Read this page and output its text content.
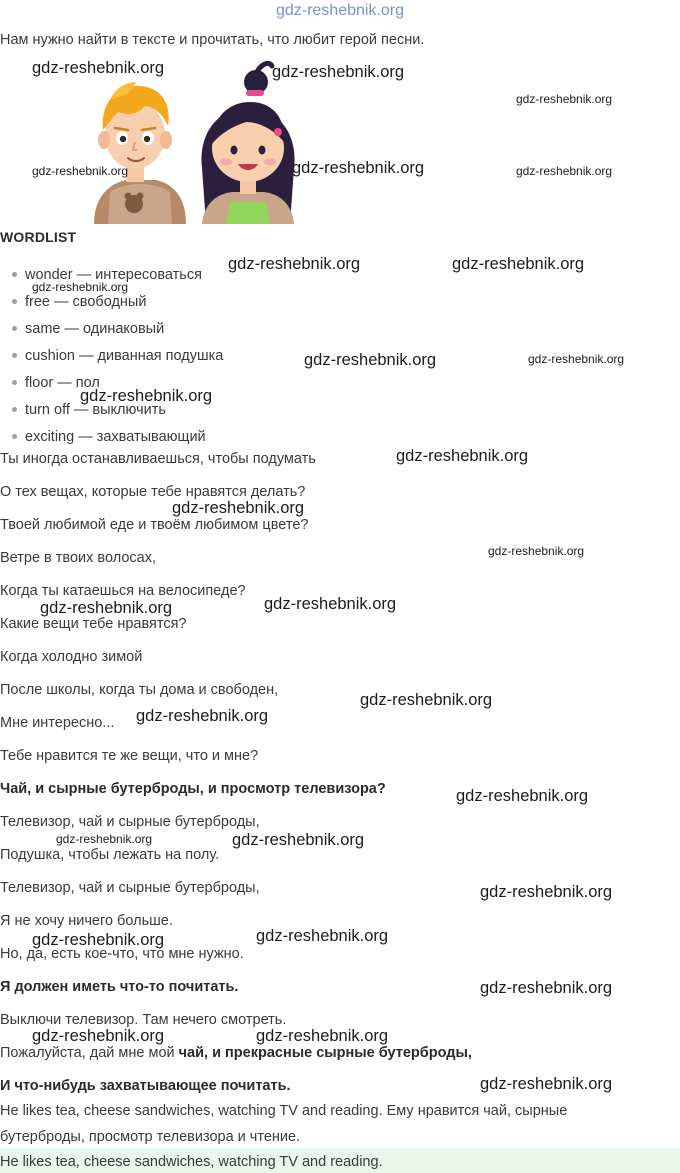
gdz-reshebnik.org
Нам нужно найти в тексте и прочитать, что любит герой песни.
WORDLIST
wonder — интересоваться
free — свободный
same — одинаковый
cushion — диванная подушка
floor — пол
turn off — выключить
exciting — захватывающий
Ты иногда останавливаешься, чтобы подумать
О тех вещах, которые тебе нравятся делать?
Твоей любимой еде и твоём любимом цвете?
Ветре в твоих волосах,
Когда ты катаешься на велосипеде?
Какие вещи тебе нравятся?
Когда холодно зимой
После школы, когда ты дома и свободен,
Мне интересно...
Тебе нравится те же вещи, что и мне?
Чай, и сырные бутерброды, и просмотр телевизора?
Телевизор, чай и сырные бутерброды,
Подушка, чтобы лежать на полу.
Телевизор, чай и сырные бутерброды,
Я не хочу ничего больше.
Но, да, есть кое-что, что мне нужно.
Я должен иметь что-то почитать.
Выключи телевизор. Там нечего смотреть.
Пожалуйста, дай мне мой чай, и прекрасные сырные бутерброды,
И что-нибудь захватывающее почитать.
He likes tea, cheese sandwiches, watching TV and reading. Ему нравится чай, сырные
бутерброды, просмотр телевизора и чтение.
He likes tea, cheese sandwiches, watching TV and reading.
gdz-reshebnik.org	gdz-reshebnik.org
gdz-reshebnik.org
gdz-reshebnik.org	gdz-reshebnik.org	gdz-reshebnik.org
gdz-reshebnik.org	gdz-reshebnik.org
gdz-reshebnik.org
gdz-reshebnik.org	gdz-reshebnik.org
gdz-reshebnik.org
gdz-reshebnik.org
gdz-reshebnik.org
gdz-reshebnik.org
gdz-reshebnik.org	gdz-reshebnik.org
gdz-reshebnik.org
gdz-reshebnik.org
gdz-reshebnik.org
gdz-reshebnik.org	gdz-reshebnik.org
gdz-reshebnik.org
gdz-reshebnik.org	gdz-reshebnik.org
gdz-reshebnik.org
gdz-reshebnik.org	gdz-reshebnik.org
gdz-reshebnik.org
